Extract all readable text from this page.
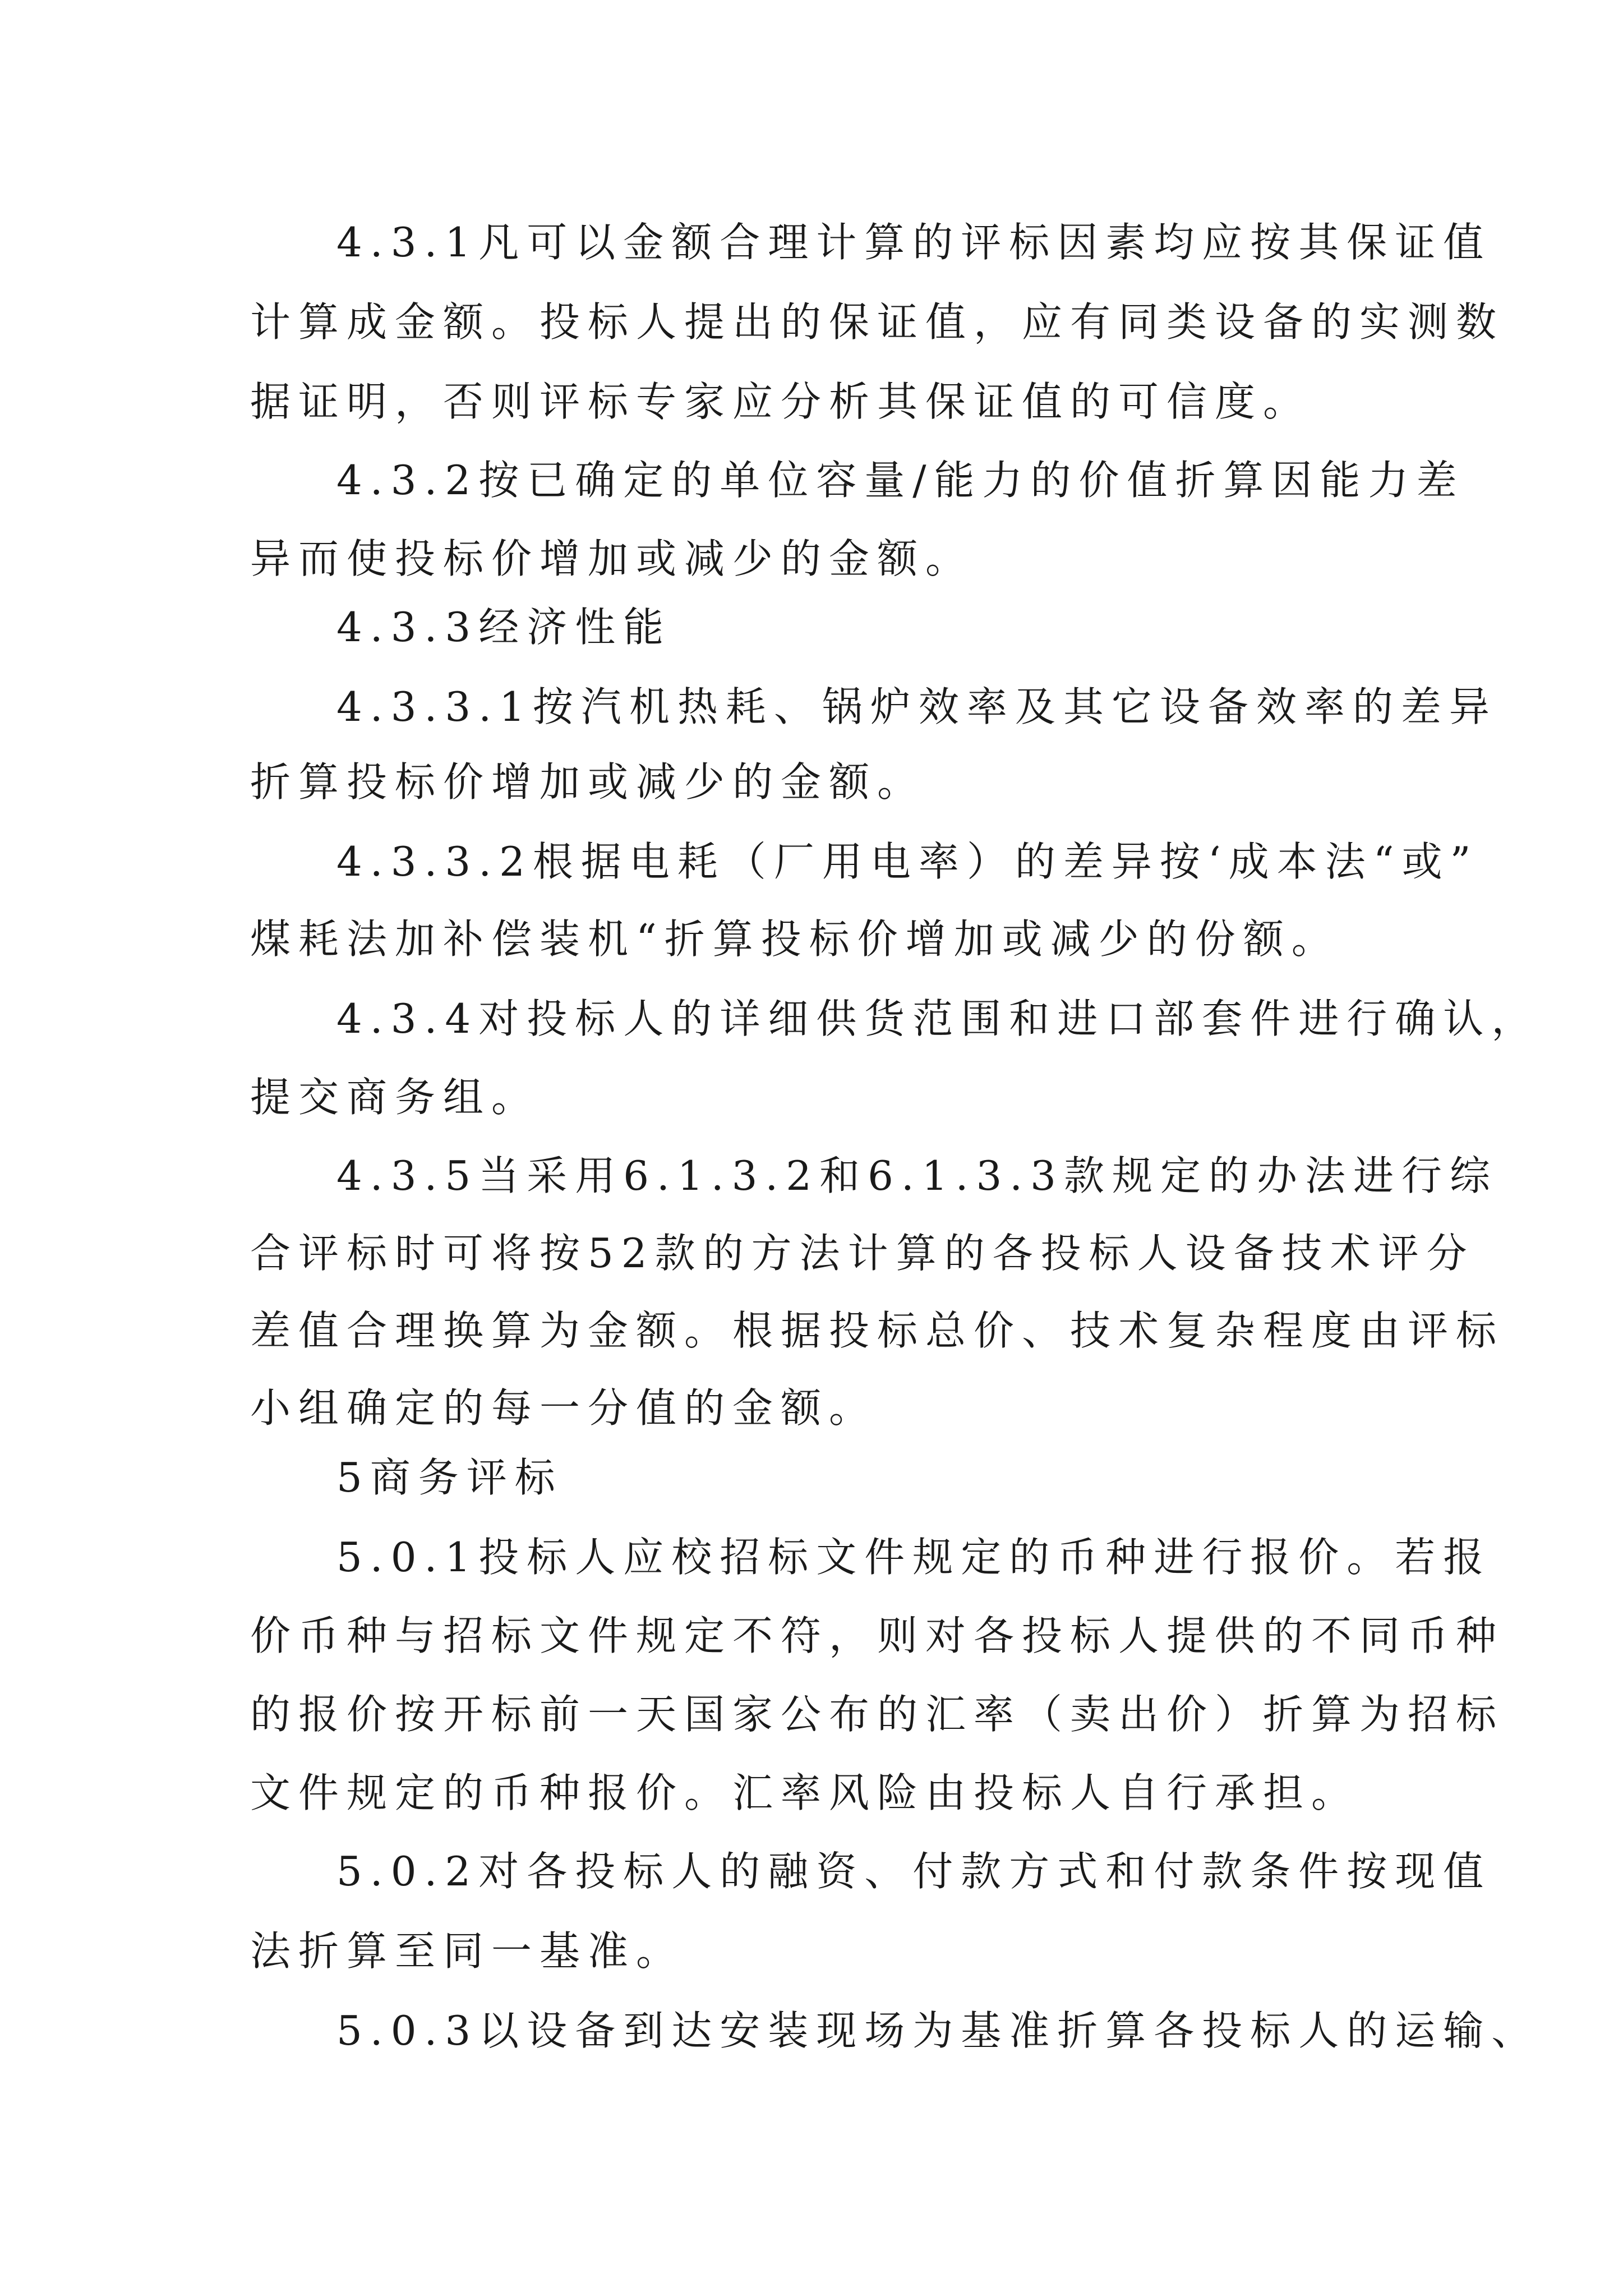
4.3.1凡可以金额合理计算的评标因素均应按其保证值
计算成金额。投标人提出的保证值，应有同类设备的实测数
据证明，否则评标专家应分析其保证值的可信度。
4.3.2按已确定的单位容量/能力的价值折算因能力差
异而使投标价增加或减少的金额。
4.3.3经济性能
4.3.3.1按汽机热耗、锅炉效率及其它设备效率的差异
折算投标价增加或减少的金额。
4.3.3.2根据电耗（厂用电率）的差异按‘成本法“或”
煤耗法加补偿装机“折算投标价增加或减少的份额。
4.3.4对投标人的详细供货范围和进口部套件进行确认，
提交商务组。
4.3.5当采用6.1.3.2和6.1.3.3款规定的办法进行综
合评标时可将按52款的方法计算的各投标人设备技术评分
差值合理换算为金额。根据投标总价、技术复杂程度由评标
小组确定的每一分值的金额。
5商务评标
5.0.1投标人应校招标文件规定的币种进行报价。若报
价币种与招标文件规定不符，则对各投标人提供的不同币种
的报价按开标前一天国家公布的汇率（卖出价）折算为招标
文件规定的币种报价。汇率风险由投标人自行承担。
5.0.2对各投标人的融资、付款方式和付款条件按现值
法折算至同一基准。
5.0.3以设备到达安装现场为基准折算各投标人的运输、
